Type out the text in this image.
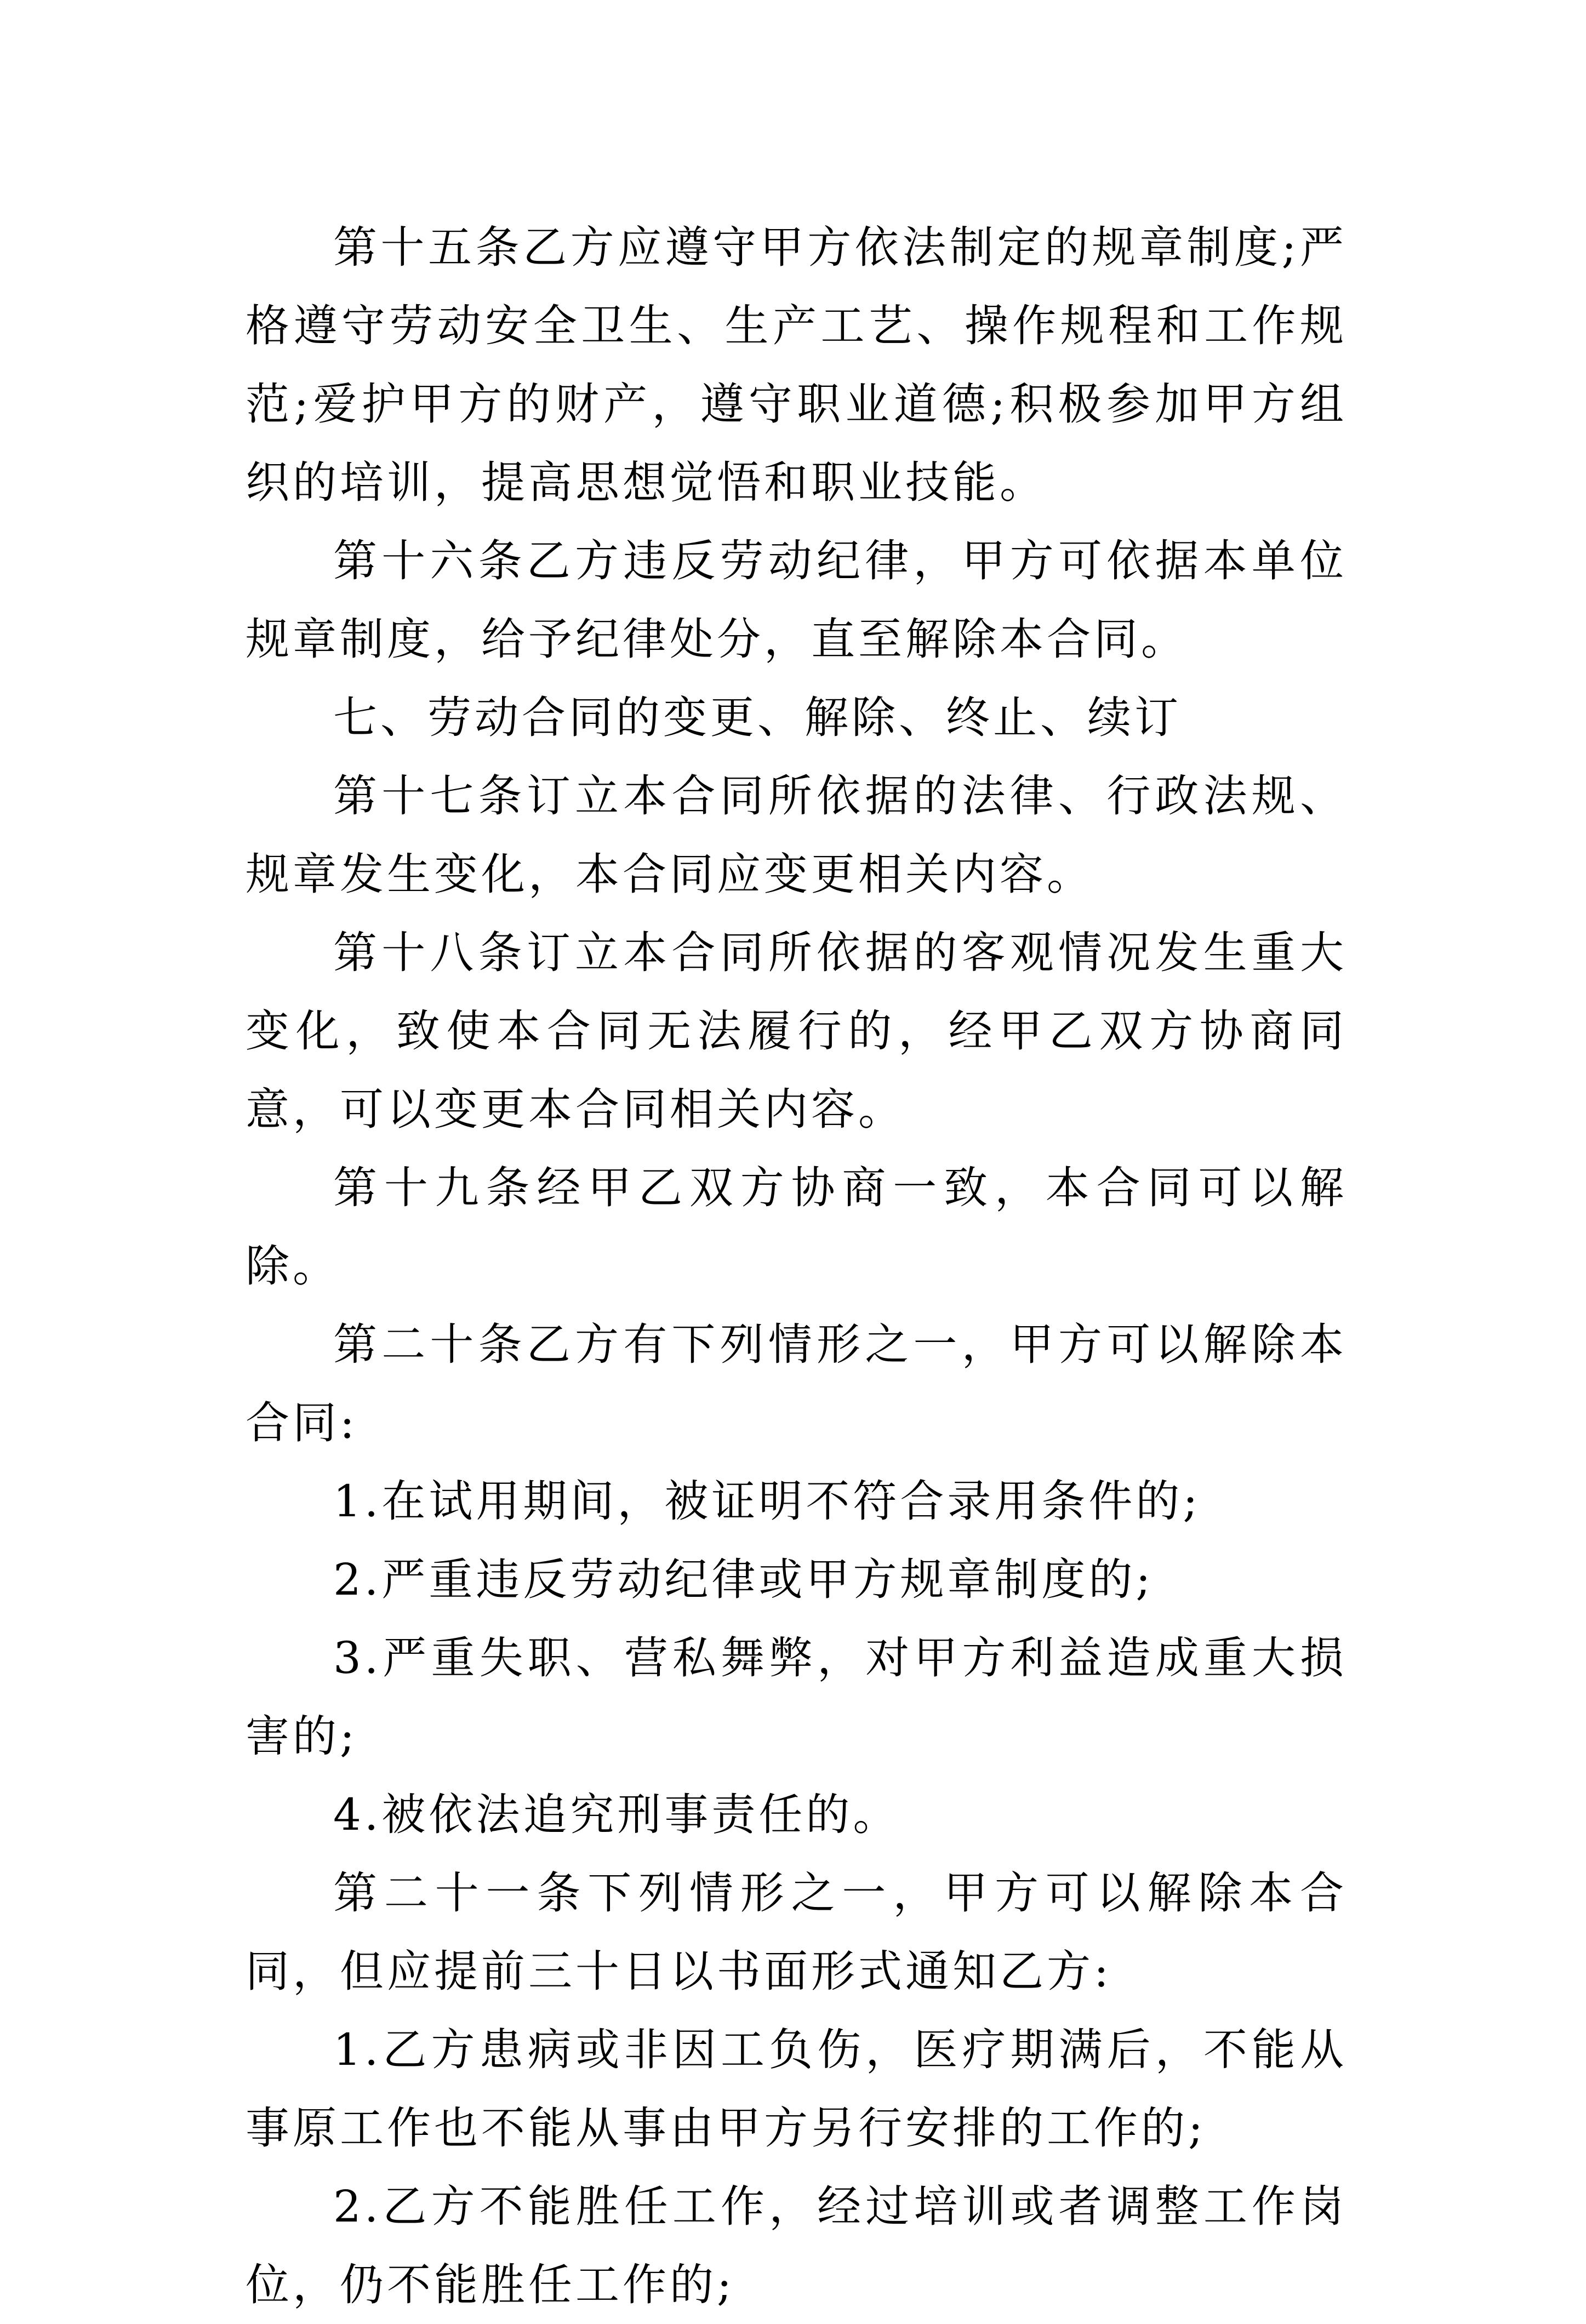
第十五条乙方应遵守甲方依法制定的规章制度;严格遵守劳动安全卫生、生产工艺、操作规程和工作规范;爱护甲方的财产，遵守职业道德;积极参加甲方组织的培训，提高思想觉悟和职业技能。

第十六条乙方违反劳动纪律，甲方可依据本单位规章制度，给予纪律处分，直至解除本合同。

七、劳动合同的变更、解除、终止、续订

第十七条订立本合同所依据的法律、行政法规、规章发生变化，本合同应变更相关内容。

第十八条订立本合同所依据的客观情况发生重大变化，致使本合同无法履行的，经甲乙双方协商同意，可以变更本合同相关内容。

第十九条经甲乙双方协商一致，本合同可以解除。

第二十条乙方有下列情形之一，甲方可以解除本合同:

1.在试用期间，被证明不符合录用条件的;

2.严重违反劳动纪律或甲方规章制度的;

3.严重失职、营私舞弊，对甲方利益造成重大损害的;

4.被依法追究刑事责任的。

第二十一条下列情形之一，甲方可以解除本合同，但应提前三十日以书面形式通知乙方:

1.乙方患病或非因工负伤，医疗期满后，不能从事原工作也不能从事由甲方另行安排的工作的;

2.乙方不能胜任工作，经过培训或者调整工作岗位，仍不能胜任工作的;
